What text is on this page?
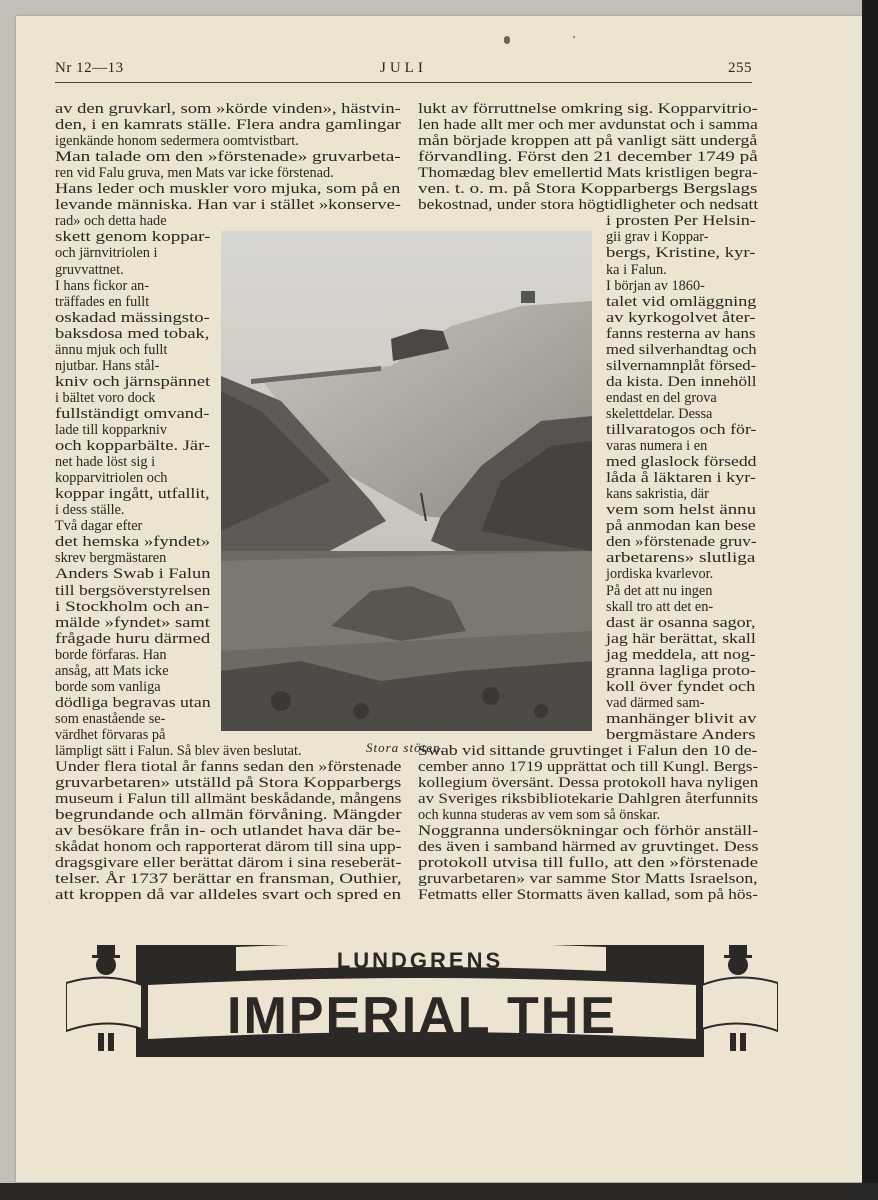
Nr 12—13	JULI	255
av den gruvkarl, som »körde vinden», hästvin-
den, i en kamrats ställe. Flera andra gamlingar
igenkände honom sedermera oomtvistbart.
Man talade om den »förstenade» gruvarbeta-
ren vid Falu gruva, men Mats var icke förstenad.
Hans leder och muskler voro mjuka, som på en
levande människa. Han var i stället »konserve-
rad» och detta hade
skett genom koppar-
och järnvitriolen i
gruvvattnet.
I hans fickor an-
träffades en fullt
oskadad mässingsto-
baksdosa med tobak,
ännu mjuk och fullt
njutbar. Hans stål-
kniv och järnspännet
i bältet voro dock
fullständigt omvand-
lade till kopparkniv
och kopparbälte. Jär-
net hade löst sig i
kopparvitriolen och
koppar ingått, utfallit,
i dess ställe.
Två dagar efter
det hemska »fyndet»
skrev bergmästaren
Anders Swab i Falun
till bergsöverstyrelsen
i Stockholm och an-
mälde »fyndet» samt
frågade huru därmed
borde förfaras. Han
ansåg, att Mats icke
borde som vanliga
dödliga begravas utan
som enastående se-
värdhet förvaras på
lämpligt sätt i Falun. Så blev även beslutat.
Under flera tiotal år fanns sedan den »förstenade
gruvarbetaren» utställd på Stora Kopparbergs
museum i Falun till allmänt beskådande, mångens
begrundande och allmän förvåning. Mängder
av besökare från in- och utlandet hava där be-
skådat honom och rapporterat därom till sina upp-
dragsgivare eller berättat därom i sina reseberät-
telser. År 1737 berättar en fransman, Outhier,
att kroppen då var alldeles svart och spred en
lukt av förruttnelse omkring sig. Kopparvitrio-
len hade allt mer och mer avdunstat och i samma
mån började kroppen att på vanligt sätt undergå
förvandling. Först den 21 december 1749 på
Thomædag blev emellertid Mats kristligen begra-
ven. t. o. m. på Stora Kopparbergs Bergslags
bekostnad, under stora högtidligheter och nedsatt
i prosten Per Helsin-
gii grav i Koppar-
bergs, Kristine, kyr-
ka i Falun.
I början av 1860-
talet vid omläggning
av kyrkogolvet åter-
fanns resterna av hans
med silverhandtag och
silvernamnplåt försed-
da kista. Den innehöll
endast en del grova
skelettdelar. Dessa
tillvaratogos och för-
varas numera i en
med glaslock försedd
låda å läktaren i kyr-
kans sakristia, där
vem som helst ännu
på anmodan kan bese
den »förstenade gruv-
arbetarens» slutliga
jordiska kvarlevor.
På det att nu ingen
skall tro att det en-
dast är osanna sagor,
jag här berättat, skall
jag meddela, att nog-
granna lagliga proto-
koll över fyndet och
vad därmed sam-
manhänger blivit av
bergmästare Anders
Swab vid sittande gruvtinget i Falun den 10 de-
cember anno 1719 upprättat och till Kungl. Bergs-
kollegium översänt. Dessa protokoll hava nyligen
av Sveriges riksbibliotekarie Dahlgren återfunnits
och kunna studeras av vem som så önskar.
Noggranna undersökningar och förhör anställ-
des även i samband härmed av gruvtinget. Dess
protokoll utvisa till fullo, att den »förstenade
gruvarbetaren» var samme Stor Matts Israelson,
Fetmatts eller Stormatts även kallad, som på hös-
Stora stöten.
LUNDGRENS
IMPERIAL THE
